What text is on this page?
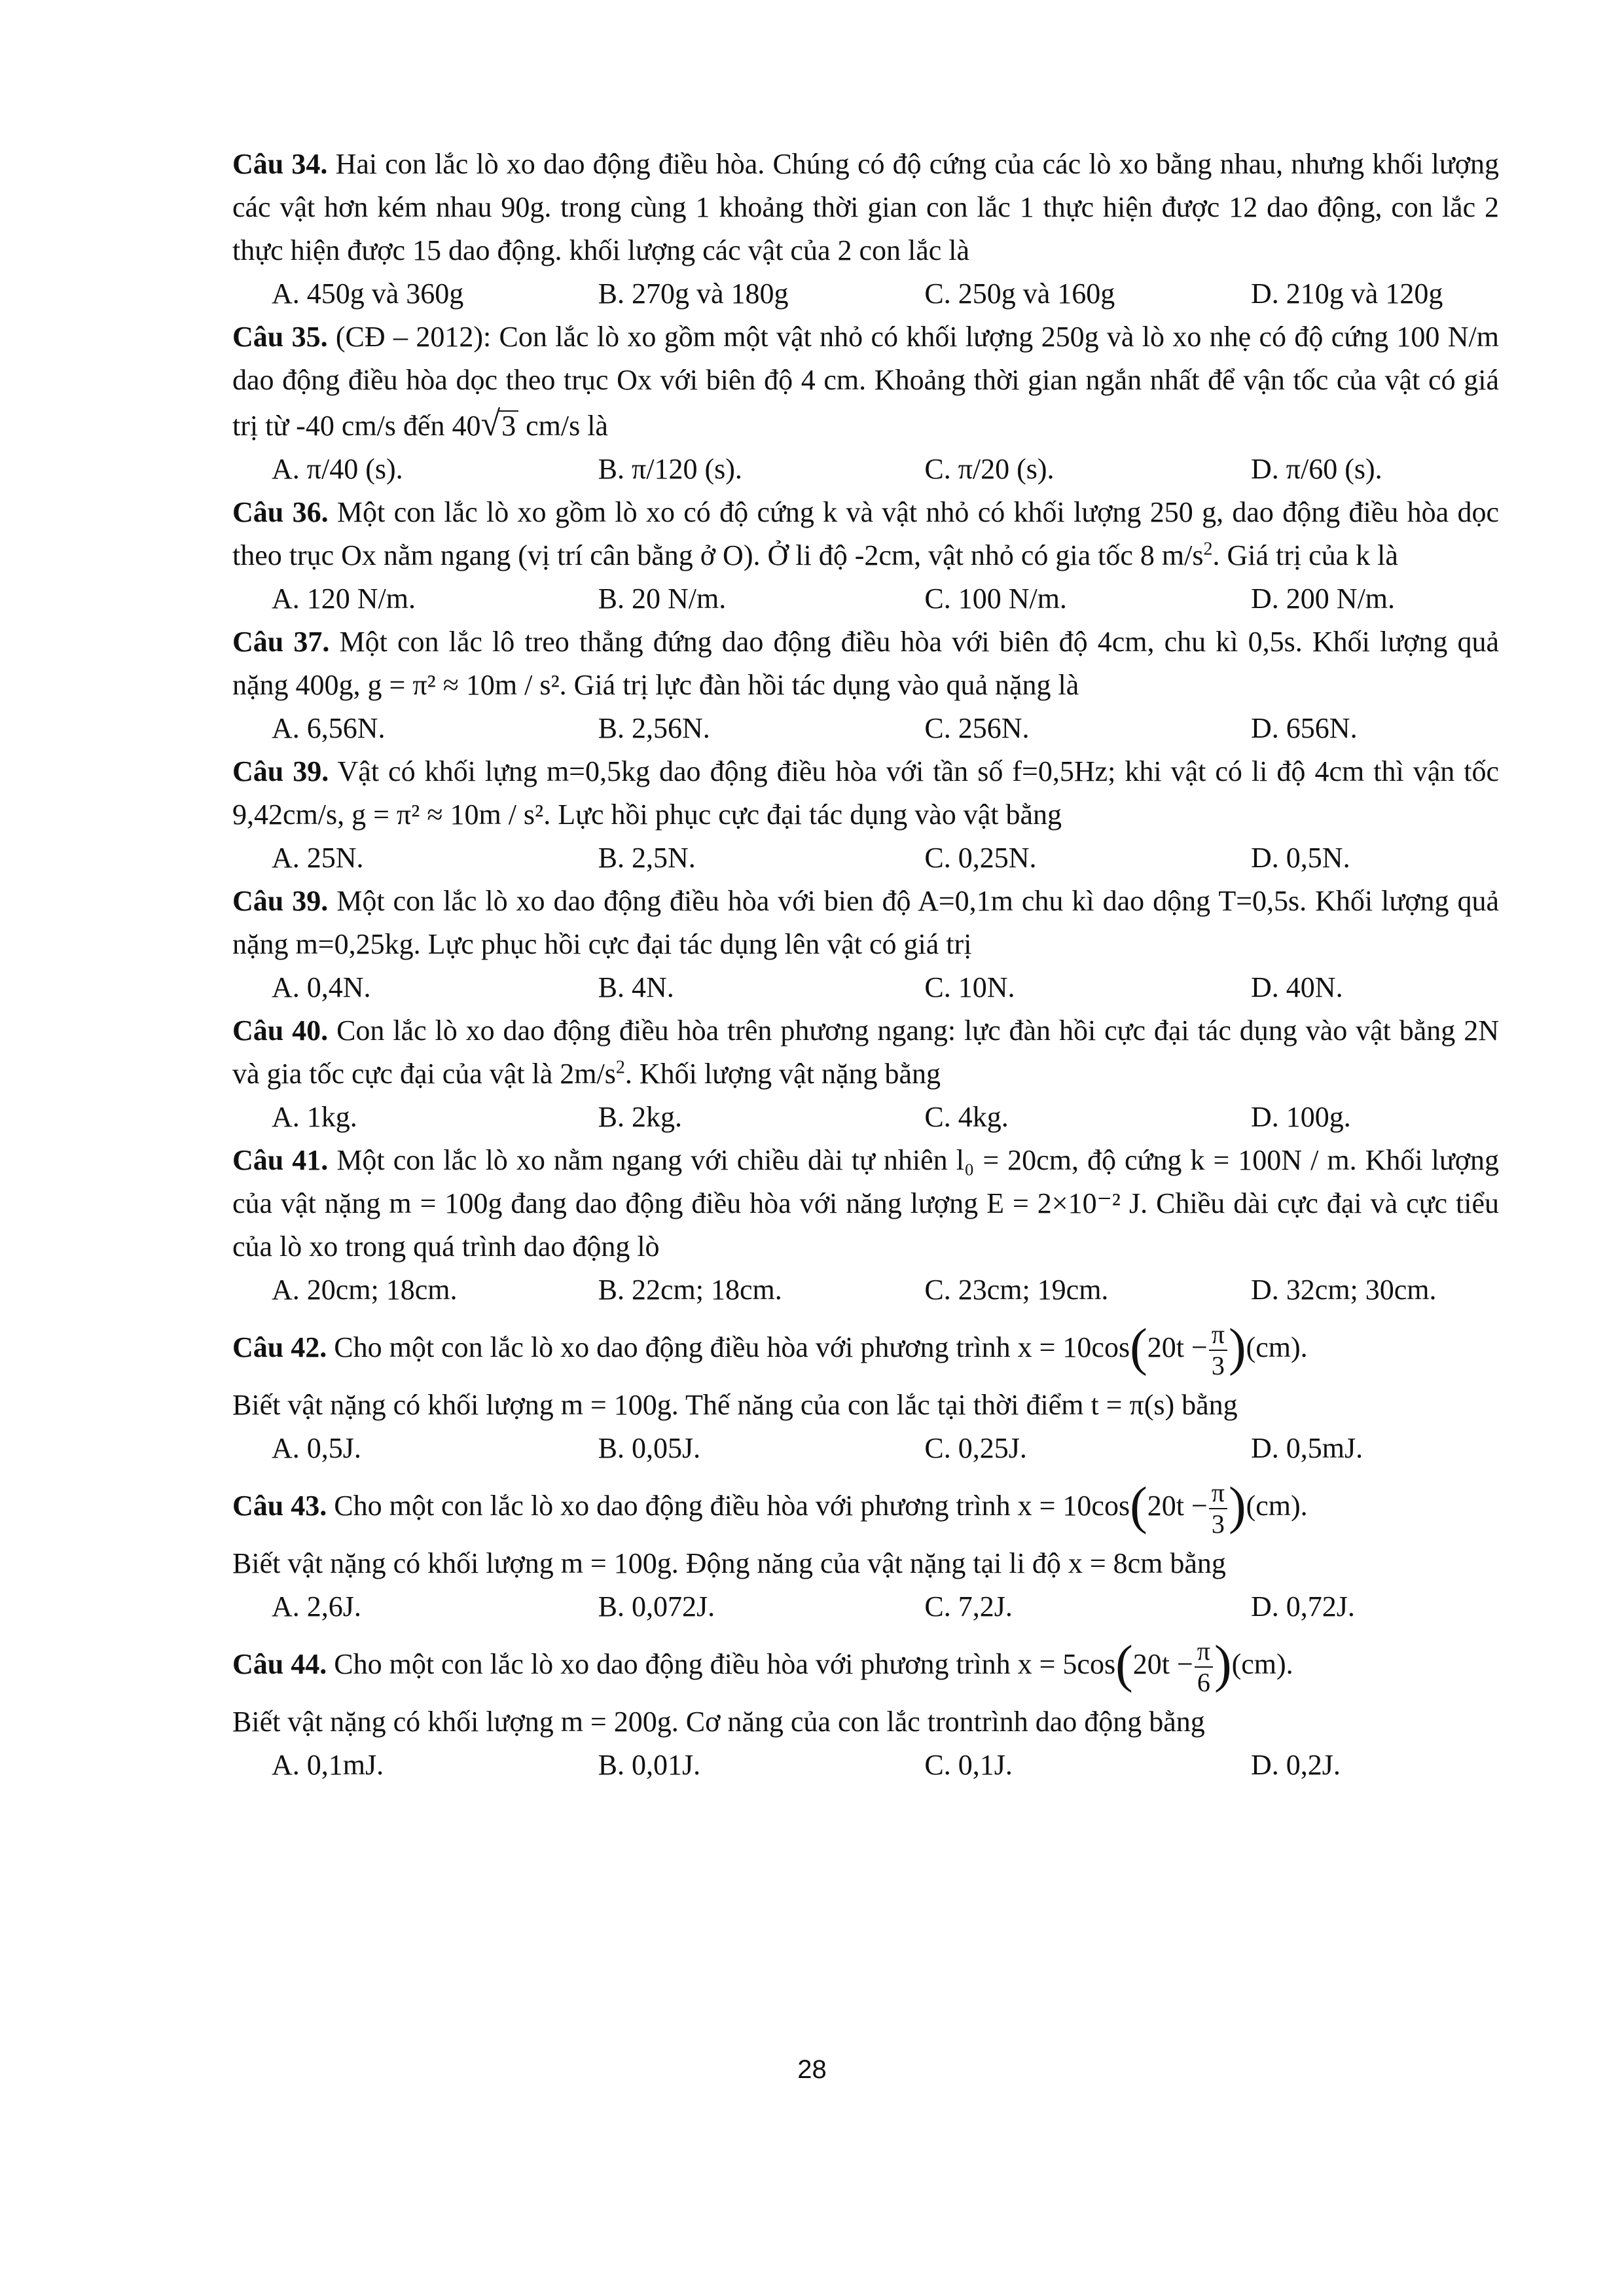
Câu 34. Hai con lắc lò xo dao động điều hòa. Chúng có độ cứng của các lò xo bằng nhau, nhưng khối lượng các vật hơn kém nhau 90g. trong cùng 1 khoảng thời gian con lắc 1 thực hiện được 12 dao động, con lắc 2 thực hiện được 15 dao động. khối lượng các vật của 2 con lắc là

A. 450g và 360g	B. 270g và 180g	C. 250g và 160g	D. 210g và 120g

Câu 35. (CĐ – 2012): Con lắc lò xo gồm một vật nhỏ có khối lượng 250g và lò xo nhẹ có độ cứng 100 N/m dao động điều hòa dọc theo trục Ox với biên độ 4 cm. Khoảng thời gian ngắn nhất để vận tốc của vật có giá trị từ -40 cm/s đến 40√3 cm/s là

A. π/40 (s).	B. π/120 (s).	C. π/20 (s).	D. π/60 (s).

Câu 36. Một con lắc lò xo gồm lò xo có độ cứng k và vật nhỏ có khối lượng 250 g, dao động điều hòa dọc theo trục Ox nằm ngang (vị trí cân bằng ở O). Ở li độ -2cm, vật nhỏ có gia tốc 8 $m/s^2$. Giá trị của k là

A. 120 N/m.	B. 20 N/m.	C. 100 N/m.	D. 200 N/m.

Câu 37. Một con lắc lô treo thẳng đứng dao động điều hòa với biên độ 4cm, chu kì 0,5s. Khối lượng quả nặng 400g, g = π² ≈ 10m / s². Giá trị lực đàn hồi tác dụng vào quả nặng là

A. 6,56N.	B. 2,56N.	C. 256N.	D. 656N.

Câu 39. Vật có khối lựng m=0,5kg dao động điều hòa với tần số f=0,5Hz; khi vật có li độ 4cm thì vận tốc 9,42cm/s, g = π² ≈ 10m / s². Lực hồi phục cực đại tác dụng vào vật bằng

A. 25N.	B. 2,5N.	C. 0,25N.	D. 0,5N.

Câu 39. Một con lắc lò xo dao động điều hòa với bien độ A=0,1m chu kì dao dộng T=0,5s. Khối lượng quả nặng m=0,25kg. Lực phục hồi cực đại tác dụng lên vật có giá trị

A. 0,4N.	B. 4N.	C. 10N.	D. 40N.

Câu 40. Con lắc lò xo dao động điều hòa trên phương ngang: lực đàn hồi cực đại tác dụng vào vật bằng 2N và gia tốc cực đại của vật là $2m/s^2$. Khối lượng vật nặng bằng

A. 1kg.	B. 2kg.	C. 4kg.	D. 100g.

Câu 41. Một con lắc lò xo nằm ngang với chiều dài tự nhiên l₀ = 20cm, độ cứng k = 100N / m. Khối lượng của vật nặng m = 100g đang dao động điều hòa với năng lượng E = 2×10⁻² J. Chiều dài cực đại và cực tiểu của lò xo trong quá trình dao động lò

A. 20cm; 18cm.	B. 22cm; 18cm.	C. 23cm; 19cm.	D. 32cm; 30cm.

Câu 42. Cho một con lắc lò xo dao động điều hòa với phương trình $x = 10\cos(20t - \frac{\pi}{3} )(cm)$.

Biết vật nặng có khối lượng m = 100g. Thế năng của con lắc tại thời điểm t = π(s) bằng

A. 0,5J.	B. 0,05J.	C. 0,25J.	D. 0,5mJ.

Câu 43. Cho một con lắc lò xo dao động điều hòa với phương trình $x = 10\cos(20t - \frac{\pi}{3} )(cm)$.

Biết vật nặng có khối lượng m = 100g. Động năng của vật nặng tại li độ x = 8cm bằng

A. 2,6J.	B. 0,072J.	C. 7,2J.	D. 0,72J.

Câu 44. Cho một con lắc lò xo dao động điều hòa với phương trình $x = 5\cos(20t - \frac{\pi}{6} )(cm)$.

Biết vật nặng có khối lượng m = 200g. Cơ năng của con lắc trontrình dao động bằng

A. 0,1mJ.	B. 0,01J.	C. 0,1J.	D. 0,2J.
28
